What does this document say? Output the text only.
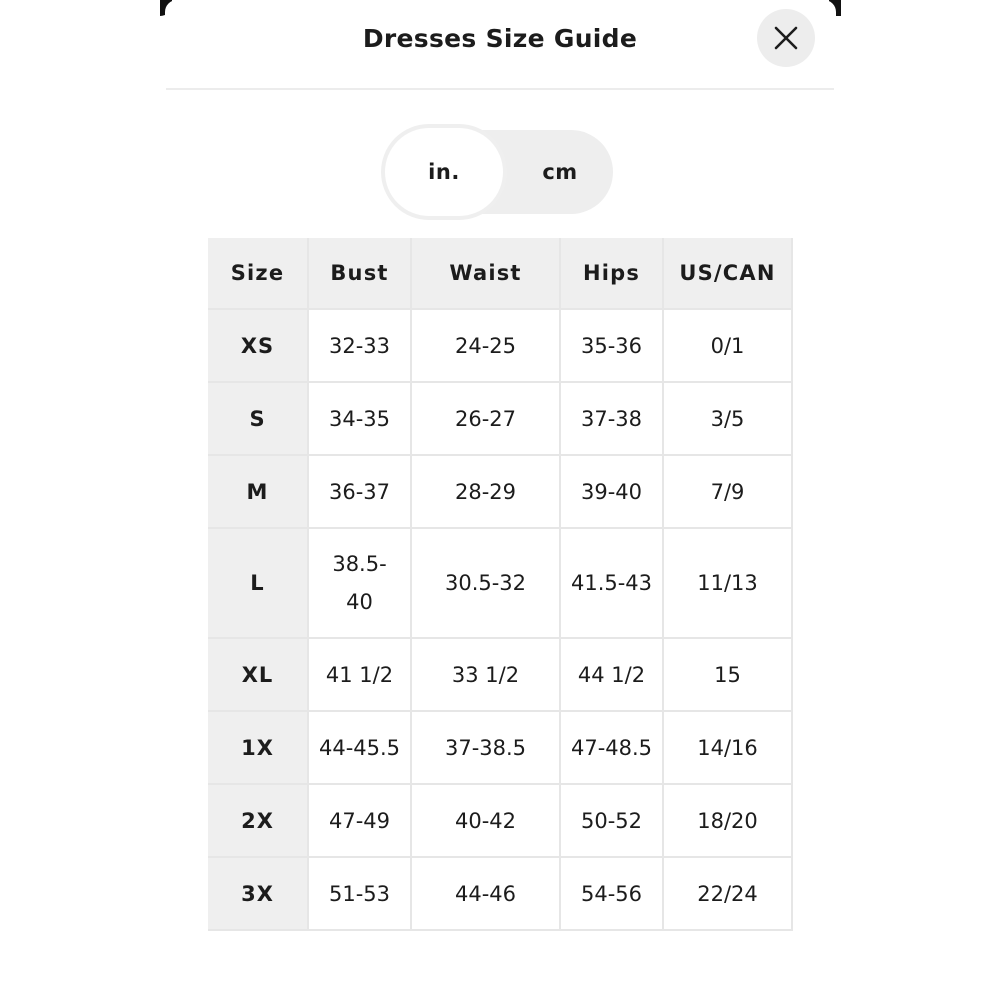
Dresses Size Guide
in.	cm
Size	Bust	Waist	Hips	US/CAN
XS	32-33	24-25	35-36	0/1
S	34-35	26-27	37-38	3/5
M	36-37	28-29	39-40	7/9
L	38.5-40	30.5-32	41.5-43	11/13
XL	41 1/2	33 1/2	44 1/2	15
1X	44-45.5	37-38.5	47-48.5	14/16
2X	47-49	40-42	50-52	18/20
3X	51-53	44-46	54-56	22/24
